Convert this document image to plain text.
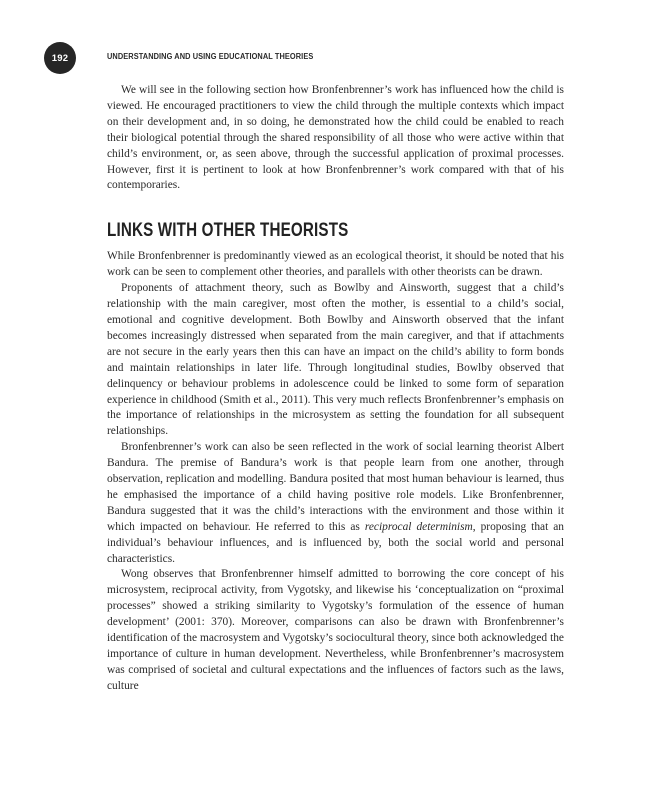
192	UNDERSTANDING AND USING EDUCATIONAL THEORIES

We will see in the following section how Bronfenbrenner’s work has influenced how the child is viewed. He encouraged practitioners to view the child through the multiple contexts which impact on their development and, in so doing, he demonstrated how the child could be enabled to reach their biological potential through the shared responsibility of all those who were active within that child’s environment, or, as seen above, through the successful application of proximal processes. However, first it is pertinent to look at how Bronfenbrenner’s work compared with that of his contemporaries.

LINKS WITH OTHER THEORISTS

While Bronfenbrenner is predominantly viewed as an ecological theorist, it should be noted that his work can be seen to complement other theories, and parallels with other theorists can be drawn.

Proponents of attachment theory, such as Bowlby and Ainsworth, suggest that a child’s relationship with the main caregiver, most often the mother, is essential to a child’s social, emotional and cognitive development. Both Bowlby and Ainsworth observed that the infant becomes increasingly distressed when separated from the main caregiver, and that if attachments are not secure in the early years then this can have an impact on the child’s ability to form bonds and maintain relationships in later life. Through longitudinal studies, Bowlby observed that delinquency or behaviour problems in adolescence could be linked to some form of separation experience in childhood (Smith et al., 2011). This very much reflects Bronfenbrenner’s emphasis on the importance of relationships in the microsystem as setting the foundation for all subsequent relationships.

Bronfenbrenner’s work can also be seen reflected in the work of social learning theorist Albert Bandura. The premise of Bandura’s work is that people learn from one another, through observation, replication and modelling. Bandura posited that most human behaviour is learned, thus he emphasised the importance of a child having positive role models. Like Bronfenbrenner, Bandura suggested that it was the child’s interactions with the environment and those within it which impacted on behaviour. He referred to this as reciprocal determinism, proposing that an individual’s behaviour influences, and is influenced by, both the social world and personal characteristics.

Wong observes that Bronfenbrenner himself admitted to borrowing the core concept of his microsystem, reciprocal activity, from Vygotsky, and likewise his ‘conceptualization on “proximal processes” showed a striking similarity to Vygotsky’s formulation of the essence of human development’ (2001: 370). Moreover, comparisons can also be drawn with Bronfenbrenner’s identification of the macrosystem and Vygotsky’s sociocultural theory, since both acknowledged the importance of culture in human development. Nevertheless, while Bronfenbrenner’s macrosystem was comprised of societal and cultural expectations and the influences of factors such as the laws, culture
